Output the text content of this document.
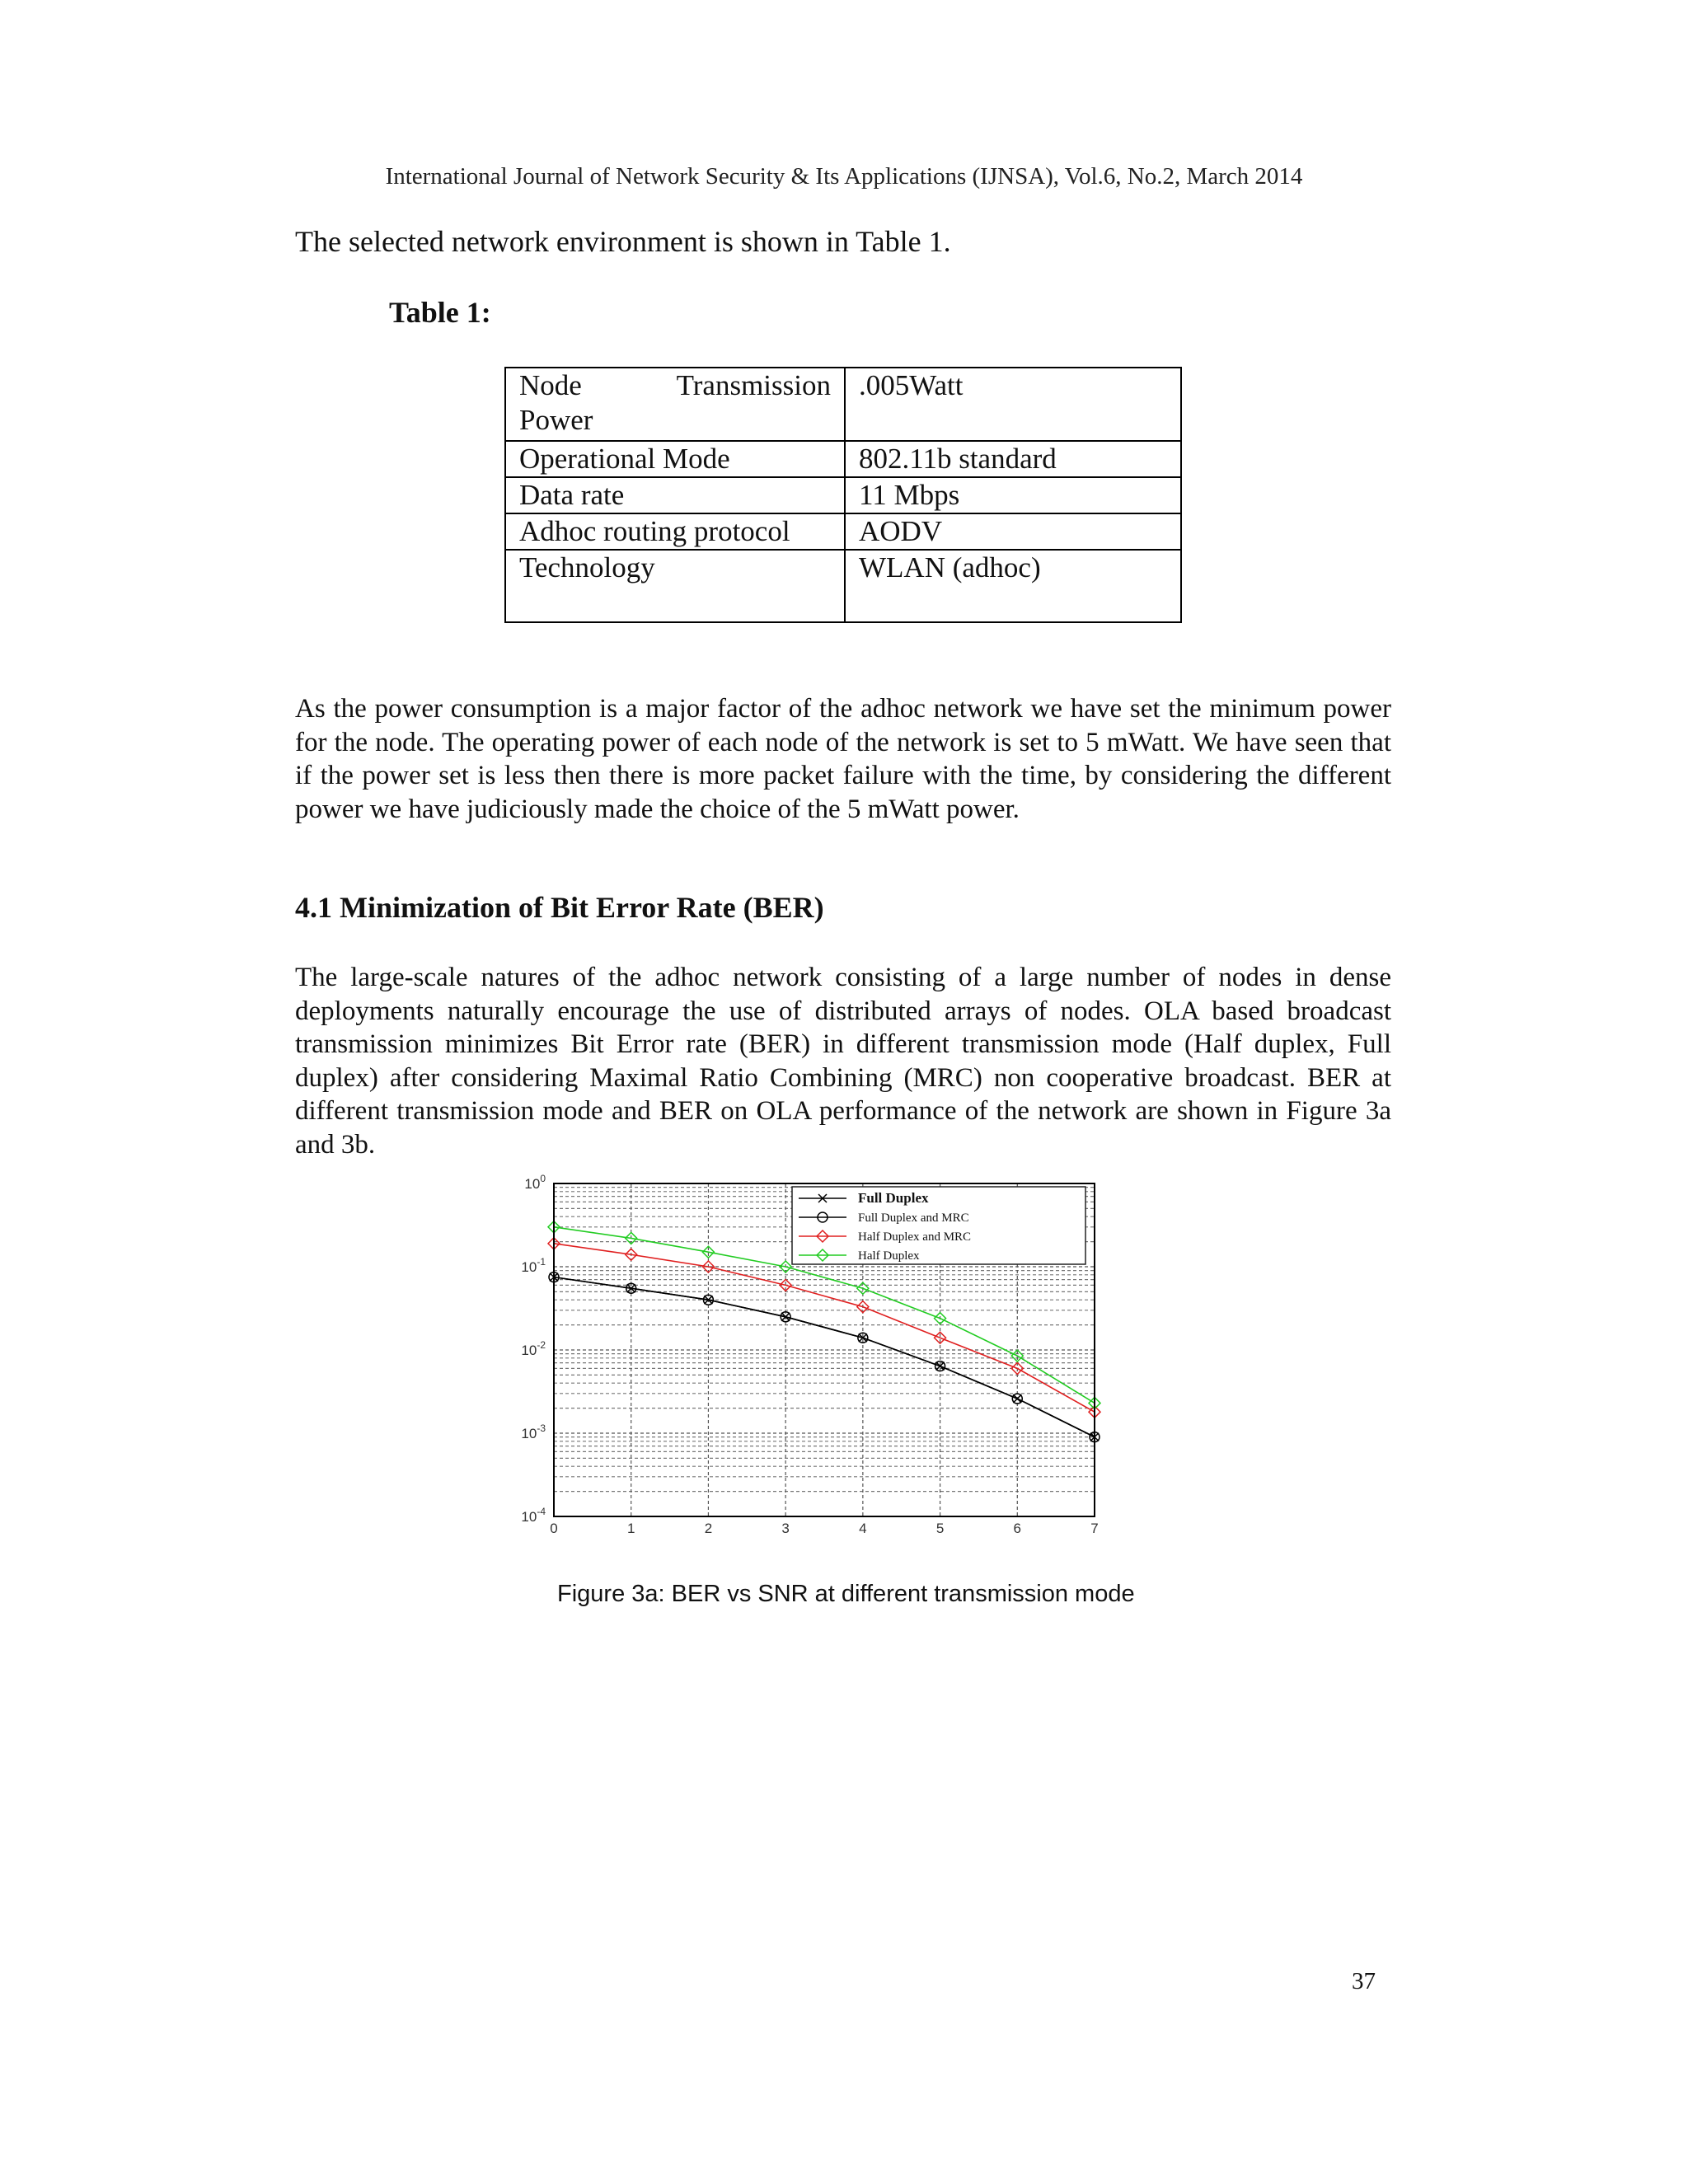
International Journal of Network Security & Its Applications (IJNSA), Vol.6, No.2, March 2014
The selected network environment is shown in Table 1.
Table 1:
Node Transmission
Power	.005Watt
Operational Mode	802.11b standard
Data rate	11 Mbps
Adhoc routing protocol	AODV
Technology	WLAN (adhoc)

As the power consumption is a major factor of the adhoc network we have set the minimum power for the node. The operating power of each node of the network is set to 5 mWatt. We have seen that if the power set is less then there is more packet failure with the time, by considering the different power we have judiciously made the choice of the 5 mWatt power.

4.1 Minimization of Bit Error Rate (BER)

The large-scale natures of the adhoc network consisting of a large number of nodes in dense deployments naturally encourage the use of distributed arrays of nodes. OLA based broadcast transmission minimizes Bit Error rate (BER) in different transmission mode (Half duplex, Full duplex) after considering Maximal Ratio Combining (MRC) non cooperative broadcast. BER at different transmission mode and BER on OLA performance of the network are shown in Figure 3a and 3b.

0	1	2	3	4	5	6	7
$10^0$
$10^{-1}$
$10^{-2}$
$10^{-3}$
$10^{-4}$
Full Duplex
Full Duplex and MRC
Half Duplex and MRC
Half Duplex
Figure 3a: BER vs SNR at different transmission mode
37
